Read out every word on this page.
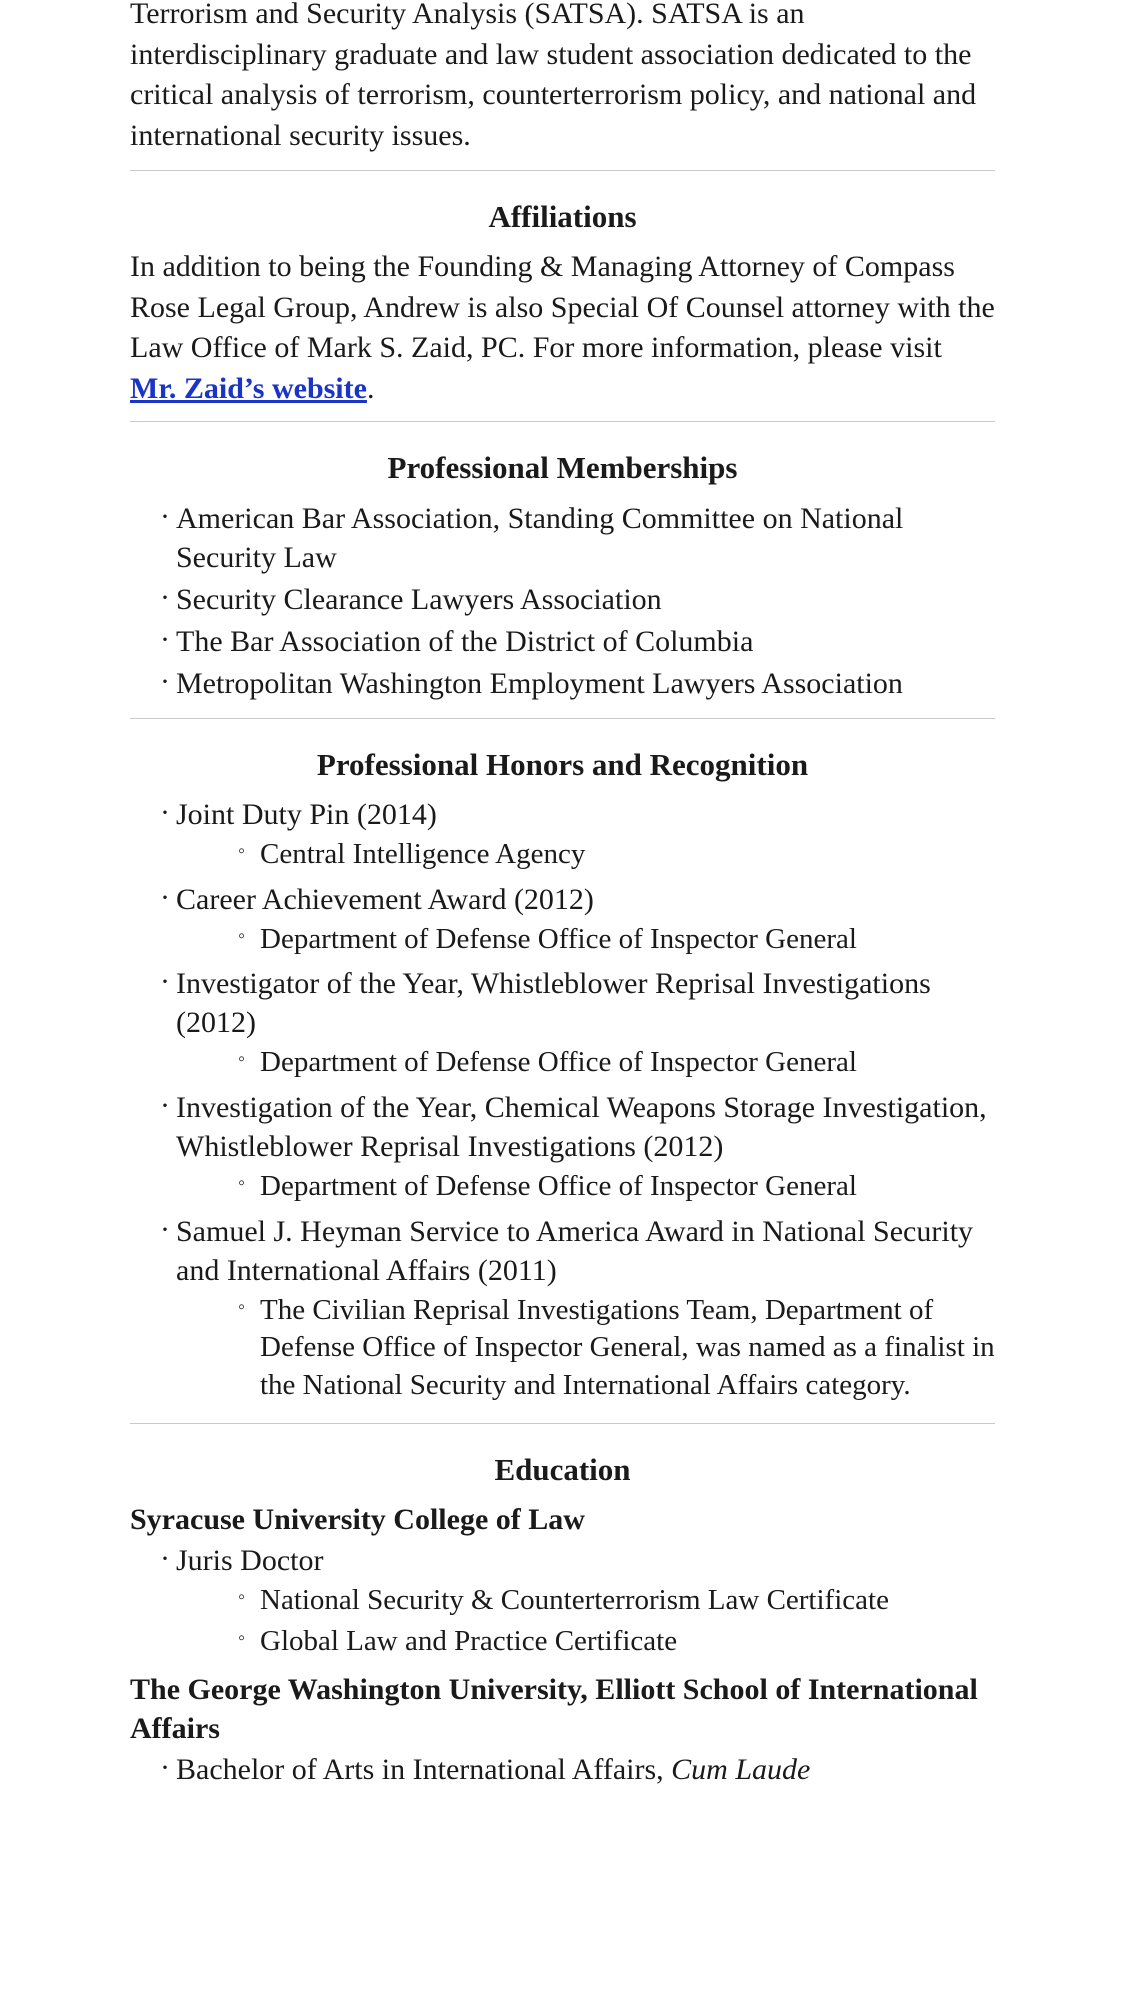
Terrorism and Security Analysis (SATSA). SATSA is an interdisciplinary graduate and law student association dedicated to the critical analysis of terrorism, counterterrorism policy, and national and international security issues.

Affiliations
In addition to being the Founding & Managing Attorney of Compass Rose Legal Group, Andrew is also Special Of Counsel attorney with the Law Office of Mark S. Zaid, PC. For more information, please visit Mr. Zaid’s website.
Professional Memberships
· American Bar Association, Standing Committee on National Security Law
· Security Clearance Lawyers Association
· The Bar Association of the District of Columbia
· Metropolitan Washington Employment Lawyers Association
Professional Honors and Recognition
· Joint Duty Pin (2014)
◦ Central Intelligence Agency
· Career Achievement Award (2012)
◦ Department of Defense Office of Inspector General
· Investigator of the Year, Whistleblower Reprisal Investigations (2012)
◦ Department of Defense Office of Inspector General
· Investigation of the Year, Chemical Weapons Storage Investigation, Whistleblower Reprisal Investigations (2012)
◦ Department of Defense Office of Inspector General
· Samuel J. Heyman Service to America Award in National Security and International Affairs (2011)
◦ The Civilian Reprisal Investigations Team, Department of Defense Office of Inspector General, was named as a finalist in the National Security and International Affairs category.
Education
Syracuse University College of Law
· Juris Doctor
◦ National Security & Counterterrorism Law Certificate
◦ Global Law and Practice Certificate
The George Washington University, Elliott School of International Affairs
· Bachelor of Arts in International Affairs, Cum Laude
